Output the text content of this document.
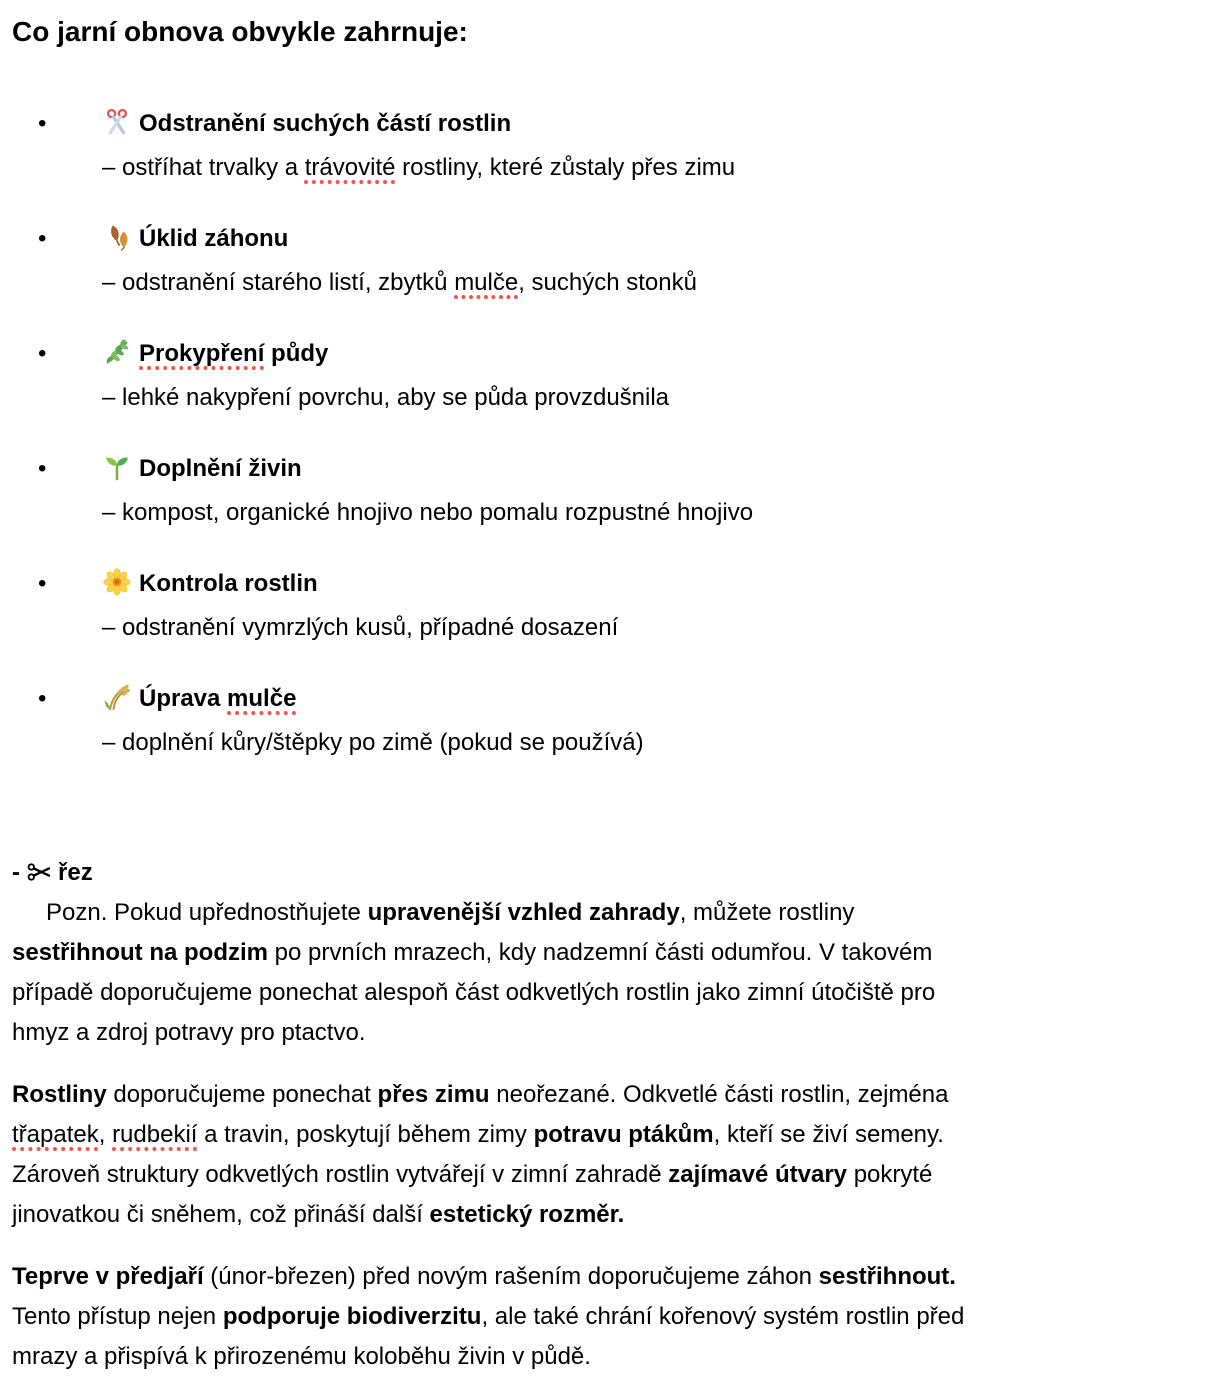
Co jarní obnova obvykle zahrnuje:
•	Odstranění suchých částí rostlin
– ostříhat trvalky a trávovité rostliny, které zůstaly přes zimu
•	Úklid záhonu
– odstranění starého listí, zbytků mulče, suchých stonků
•	Prokypření půdy
– lehké nakypření povrchu, aby se půda provzdušnila
•	Doplnění živin
– kompost, organické hnojivo nebo pomalu rozpustné hnojivo
•	Kontrola rostlin
– odstranění vymrzlých kusů, případné dosazení
•	Úprava mulče
– doplnění kůry/štěpky po zimě (pokud se používá)

- řez

Pozn. Pokud upřednostňujete upravenější vzhled zahrady, můžete rostliny
sestřihnout na podzim po prvních mrazech, kdy nadzemní části odumřou. V takovém
případě doporučujeme ponechat alespoň část odkvetlých rostlin jako zimní útočiště pro
hmyz a zdroj potravy pro ptactvo.

Rostliny doporučujeme ponechat přes zimu neořezané. Odkvetlé části rostlin, zejména
třapatek, rudbekií a travin, poskytují během zimy potravu ptákům, kteří se živí semeny.
Zároveň struktury odkvetlých rostlin vytvářejí v zimní zahradě zajímavé útvary pokryté
jinovatkou či sněhem, což přináší další estetický rozměr.

Teprve v předjaří (únor-březen) před novým rašením doporučujeme záhon sestřihnout.
Tento přístup nejen podporuje biodiverzitu, ale také chrání kořenový systém rostlin před
mrazy a přispívá k přirozenému koloběhu živin v půdě.
